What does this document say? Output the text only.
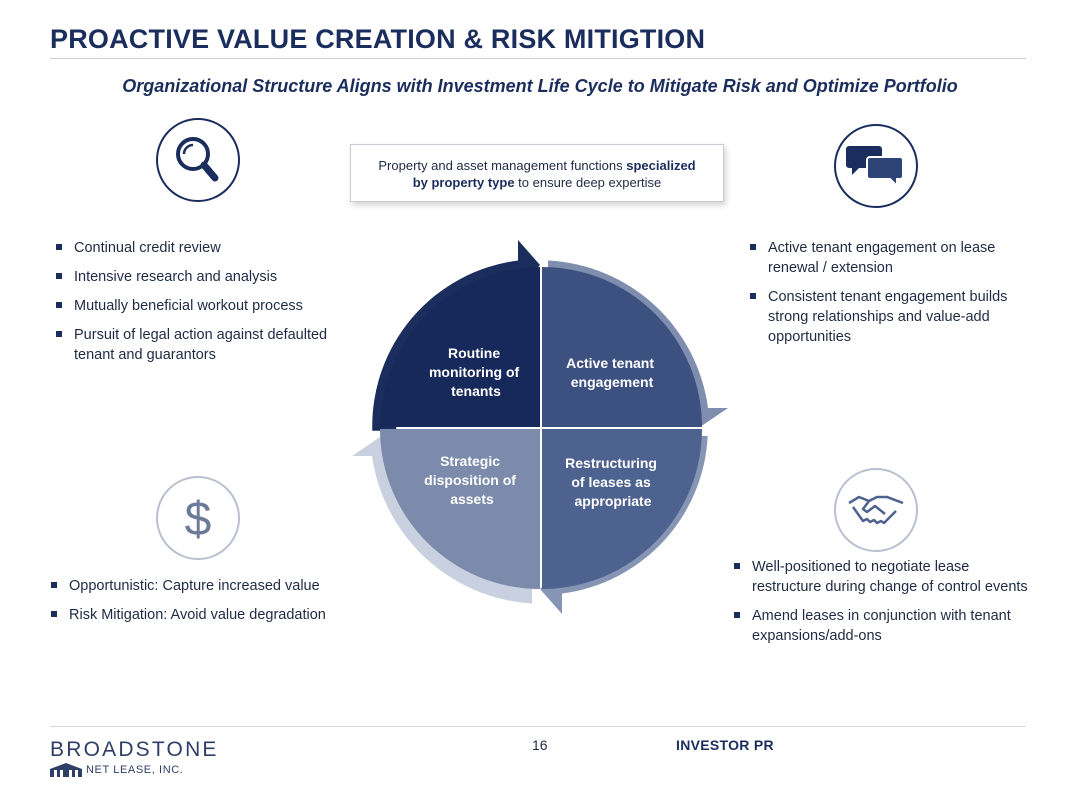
PROACTIVE VALUE CREATION & RISK MITIGTION
Organizational Structure Aligns with Investment Life Cycle to Mitigate Risk and Optimize Portfolio
Property and asset management functions specialized
by property type to ensure deep expertise
$
Continual credit review
Intensive research and analysis
Mutually beneficial workout process
Pursuit of legal action against defaulted tenant and guarantors
Active tenant engagement on lease renewal / extension
Consistent tenant engagement builds strong relationships and value-add opportunities
Opportunistic: Capture increased value
Risk Mitigation: Avoid value degradation
Well-positioned to negotiate lease restructure during change of control events
Amend leases in conjunction with tenant expansions/add-ons
Routine monitoring of tenants
Active tenant engagement
Restructuring of leases as appropriate
Strategic disposition of assets
BROADSTONE
NET LEASE, INC.
16	INVESTOR PR
